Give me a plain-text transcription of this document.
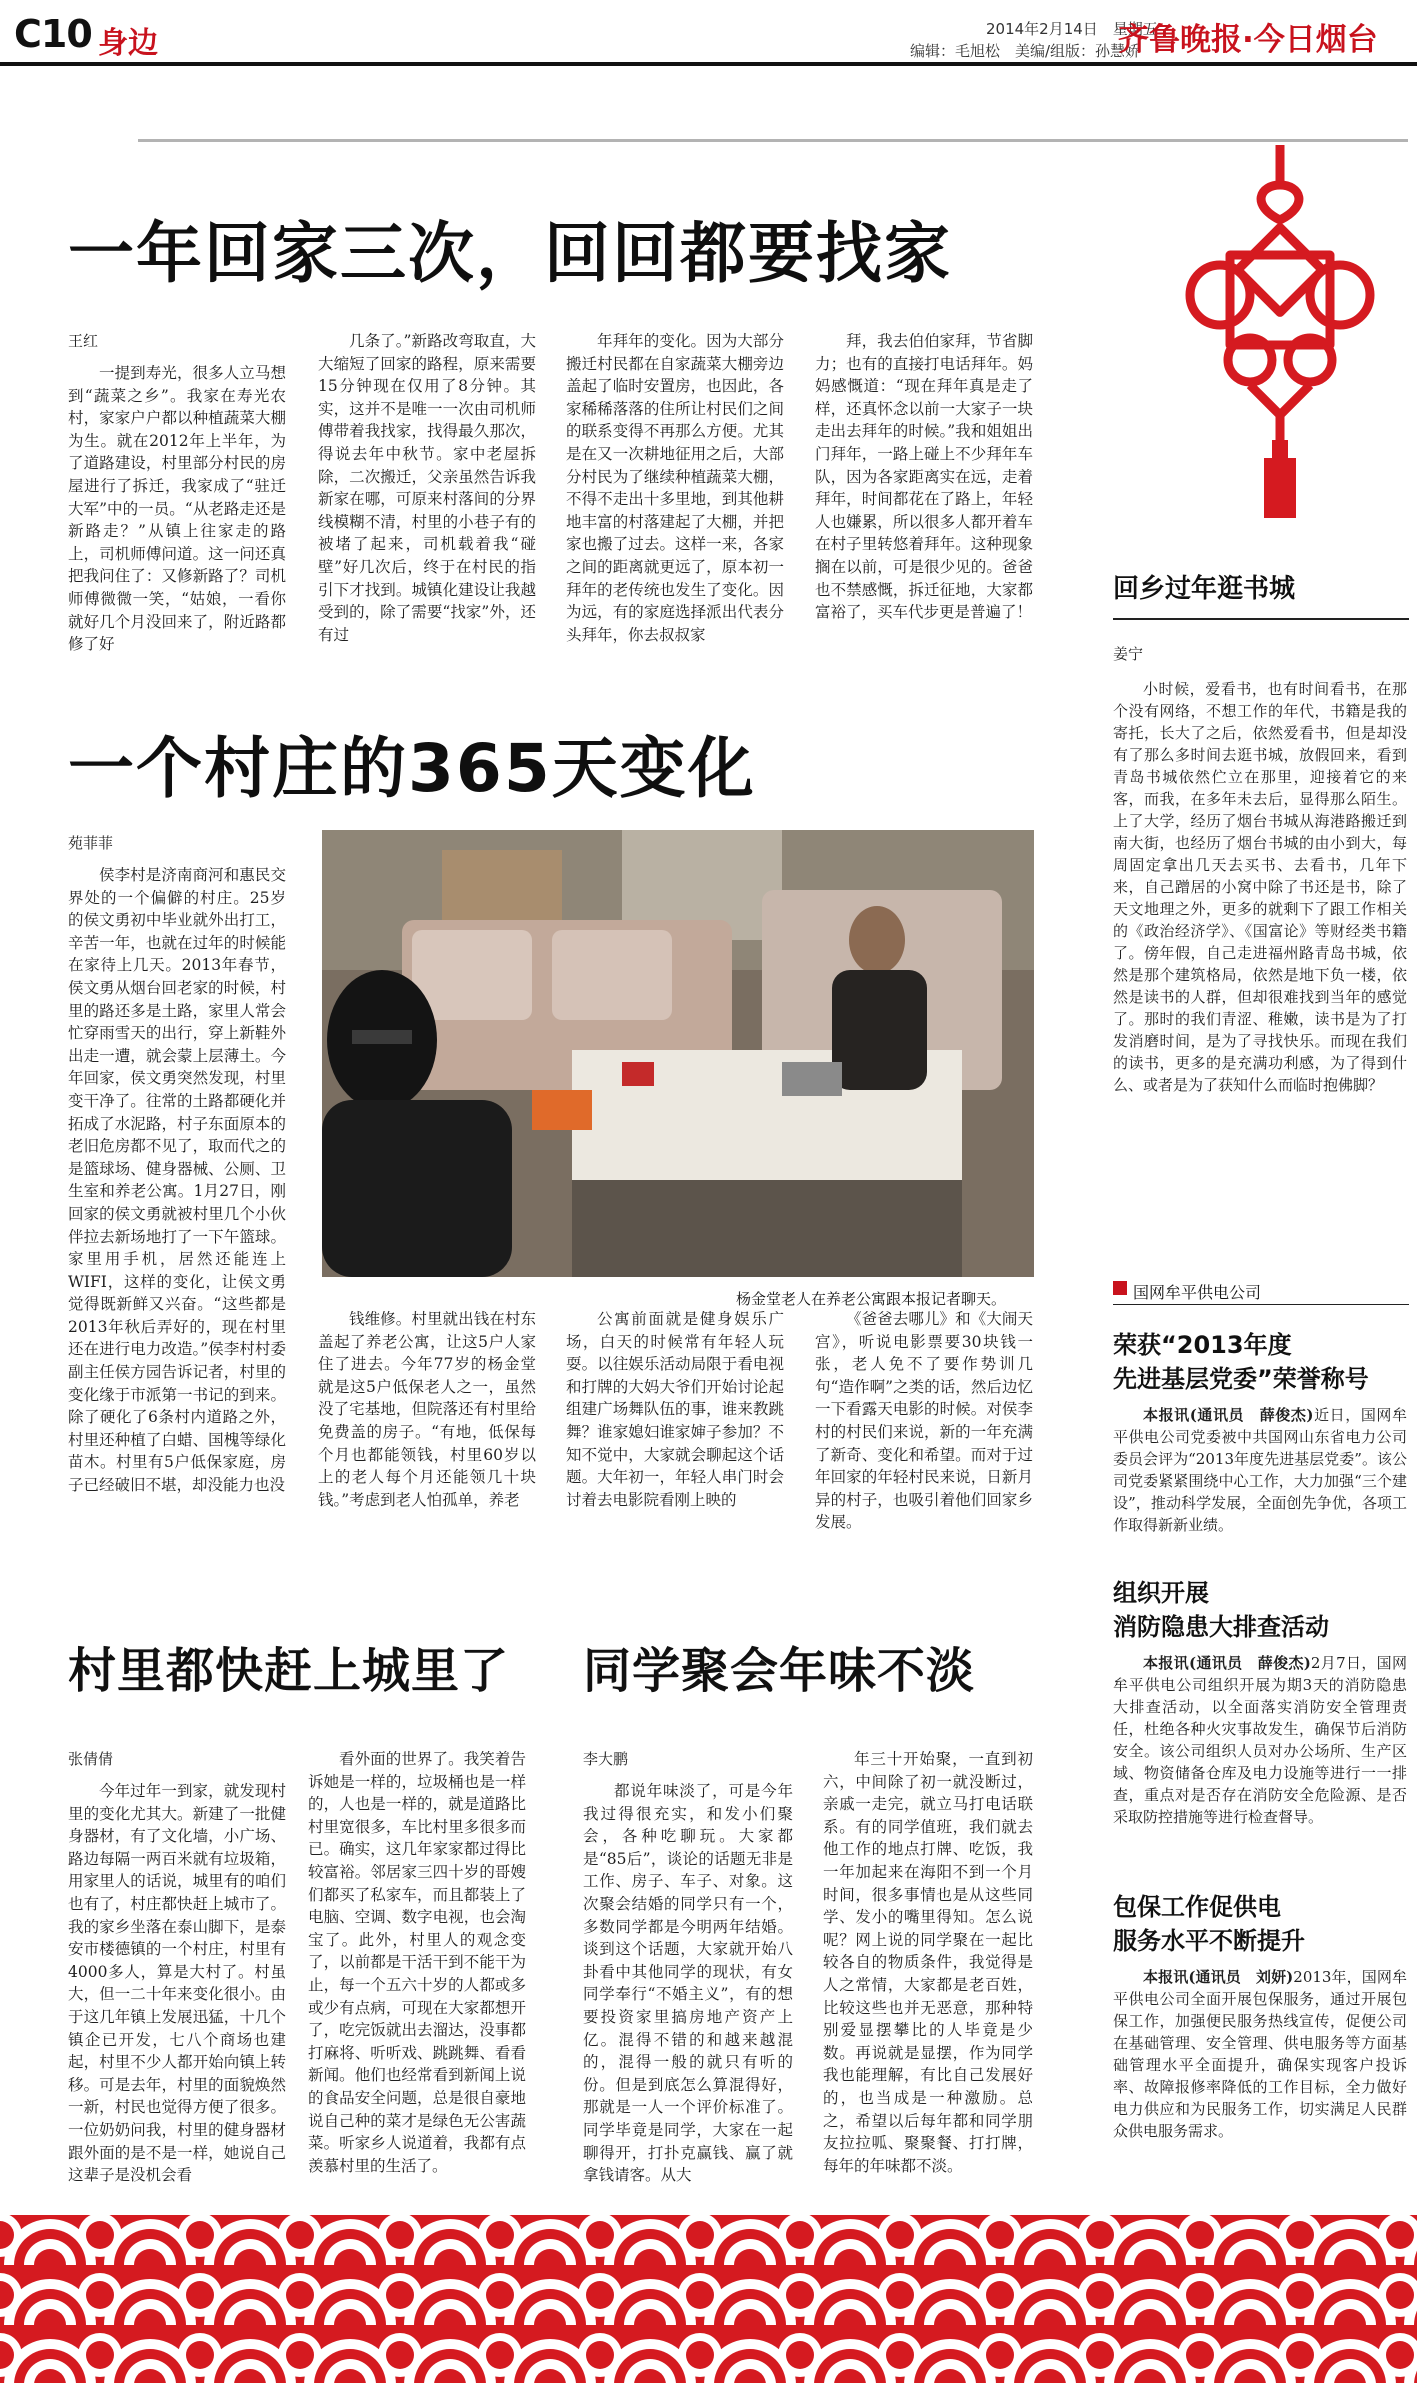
C10 身边	2014年2月14日　星期五
编辑：毛旭松　美编/组版：孙慧娇
齐鲁晚报·今日烟台
一年回家三次，回回都要找家
王红

一提到寿光，很多人立马想到“蔬菜之乡”。我家在寿光农村，家家户户都以种植蔬菜大棚为生。就在2012年上半年，为了道路建设，村里部分村民的房屋进行了拆迁，我家成了“驻迁大军”中的一员。“从老路走还是新路走？”从镇上往家走的路上，司机师傅问道。这一问还真把我问住了：又修新路了？司机师傅微微一笑，“姑娘，一看你就好几个月没回来了，附近路都修了好

几条了。”新路改弯取直，大大缩短了回家的路程，原来需要15分钟现在仅用了8分钟。其实，这并不是唯一一次由司机师傅带着我找家，找得最久那次，得说去年中秋节。家中老屋拆除，二次搬迁，父亲虽然告诉我新家在哪，可原来村落间的分界线模糊不清，村里的小巷子有的被堵了起来，司机载着我“碰壁”好几次后，终于在村民的指引下才找到。城镇化建设让我越受到的，除了需要“找家”外，还有过

年拜年的变化。因为大部分搬迁村民都在自家蔬菜大棚旁边盖起了临时安置房，也因此，各家稀稀落落的住所让村民们之间的联系变得不再那么方便。尤其是在又一次耕地征用之后，大部分村民为了继续种植蔬菜大棚，不得不走出十多里地，到其他耕地丰富的村落建起了大棚，并把家也搬了过去。这样一来，各家之间的距离就更远了，原本初一拜年的老传统也发生了变化。因为远，有的家庭选择派出代表分头拜年，你去叔叔家

拜，我去伯伯家拜，节省脚力；也有的直接打电话拜年。妈妈感慨道：“现在拜年真是走了样，还真怀念以前一大家子一块走出去拜年的时候。”我和姐姐出门拜年，一路上碰上不少拜年车队，因为各家距离实在远，走着拜年，时间都花在了路上，年轻人也嫌累，所以很多人都开着车在村子里转悠着拜年。这种现象搁在以前，可是很少见的。爸爸也不禁感慨，拆迁征地，大家都富裕了，买车代步更是普遍了！

一个村庄的365天变化
苑菲菲

侯李村是济南商河和惠民交界处的一个偏僻的村庄。25岁的侯文勇初中毕业就外出打工，辛苦一年，也就在过年的时候能在家待上几天。2013年春节，侯文勇从烟台回老家的时候，村里的路还多是土路，家里人常会忙穿雨雪天的出行，穿上新鞋外出走一遭，就会蒙上层薄土。今年回家，侯文勇突然发现，村里变干净了。往常的土路都硬化并拓成了水泥路，村子东面原本的老旧危房都不见了，取而代之的是篮球场、健身器械、公厕、卫生室和养老公寓。1月27日，刚回家的侯文勇就被村里几个小伙伴拉去新场地打了一下午篮球。家里用手机，居然还能连上WIFI，这样的变化，让侯文勇觉得既新鲜又兴奋。“这些都是2013年秋后弄好的，现在村里还在进行电力改造。”侯李村村委副主任侯方园告诉记者，村里的变化缘于市派第一书记的到来。除了硬化了6条村内道路之外，村里还种植了白蜡、国槐等绿化苗木。村里有5户低保家庭，房子已经破旧不堪，却没能力也没

杨金堂老人在养老公寓跟本报记者聊天。

钱维修。村里就出钱在村东盖起了养老公寓，让这5户人家住了进去。今年77岁的杨金堂就是这5户低保老人之一，虽然没了宅基地，但院落还有村里给免费盖的房子。“有地，低保每个月也都能领钱，村里60岁以上的老人每个月还能领几十块钱。”考虑到老人怕孤单，养老

公寓前面就是健身娱乐广场，白天的时候常有年轻人玩耍。以往娱乐活动局限于看电视和打牌的大妈大爷们开始讨论起组建广场舞队伍的事，谁来教跳舞？谁家媳妇谁家婶子参加？不知不觉中，大家就会聊起这个话题。大年初一，年轻人串门时会讨着去电影院看刚上映的

《爸爸去哪儿》和《大闹天宫》，听说电影票要30块钱一张，老人免不了要作势训几句“造作啊”之类的话，然后边忆一下看露天电影的时候。对侯李村的村民们来说，新的一年充满了新奇、变化和希望。而对于过年回家的年轻村民来说，日新月异的村子，也吸引着他们回家乡发展。

村里都快赶上城里了
张倩倩

今年过年一到家，就发现村里的变化尤其大。新建了一批健身器材，有了文化墙，小广场、路边每隔一两百米就有垃圾箱，用家里人的话说，城里有的咱们也有了，村庄都快赶上城市了。我的家乡坐落在泰山脚下，是泰安市楼德镇的一个村庄，村里有4000多人，算是大村了。村虽大，但一二十年来变化很小。由于这几年镇上发展迅猛，十几个镇企已开发，七八个商场也建起，村里不少人都开始向镇上转移。可是去年，村里的面貌焕然一新，村民也觉得方便了很多。一位奶奶问我，村里的健身器材跟外面的是不是一样，她说自己这辈子是没机会看

看外面的世界了。我笑着告诉她是一样的，垃圾桶也是一样的，人也是一样的，就是道路比村里宽很多，车比村里多很多而已。确实，这几年家家都过得比较富裕。邻居家三四十岁的哥嫂们都买了私家车，而且都装上了电脑、空调、数字电视，也会淘宝了。此外，村里人的观念变了，以前都是干活干到不能干为止，每一个五六十岁的人都或多或少有点病，可现在大家都想开了，吃完饭就出去溜达，没事都打麻将、听听戏、跳跳舞、看看新闻。他们也经常看到新闻上说的食品安全问题，总是很自豪地说自己种的菜才是绿色无公害蔬菜。听家乡人说道着，我都有点羡慕村里的生活了。

同学聚会年味不淡
李大鹏

都说年味淡了，可是今年我过得很充实，和发小们聚会，各种吃聊玩。大家都是“85后”，谈论的话题无非是工作、房子、车子、对象。这次聚会结婚的同学只有一个，多数同学都是今明两年结婚。谈到这个话题，大家就开始八卦看中其他同学的现状，有女同学奉行“不婚主义”，有的想要投资家里搞房地产资产上亿。混得不错的和越来越混的，混得一般的就只有听的份。但是到底怎么算混得好，那就是一人一个评价标准了。同学毕竟是同学，大家在一起聊得开，打扑克赢钱、赢了就拿钱请客。从大

年三十开始聚，一直到初六，中间除了初一就没断过，亲戚一走完，就立马打电话联系。有的同学值班，我们就去他工作的地点打牌、吃饭，我一年加起来在海阳不到一个月时间，很多事情也是从这些同学、发小的嘴里得知。怎么说呢？网上说的同学聚在一起比较各自的物质条件，我觉得是人之常情，大家都是老百姓，比较这些也并无恶意，那种特别爱显摆攀比的人毕竟是少数。再说就是显摆，作为同学我也能理解，有比自己发展好的，也当成是一种激励。总之，希望以后每年都和同学朋友拉拉呱、聚聚餐、打打牌，每年的年味都不淡。

回乡过年逛书城
姜宁

小时候，爱看书，也有时间看书，在那个没有网络，不想工作的年代，书籍是我的寄托，长大了之后，依然爱看书，但是却没有了那么多时间去逛书城，放假回来，看到青岛书城依然伫立在那里，迎接着它的来客，而我，在多年未去后，显得那么陌生。上了大学，经历了烟台书城从海港路搬迁到南大街，也经历了烟台书城的由小到大，每周固定拿出几天去买书、去看书，几年下来，自己蹭居的小窝中除了书还是书，除了天文地理之外，更多的就剩下了跟工作相关的《政治经济学》、《国富论》等财经类书籍了。傍年假，自己走进福州路青岛书城，依然是那个建筑格局，依然是地下负一楼，依然是读书的人群，但却很难找到当年的感觉了。那时的我们青涩、稚嫩，读书是为了打发消磨时间，是为了寻找快乐。而现在我们的读书，更多的是充满功利感，为了得到什么、或者是为了获知什么而临时抱佛脚？

国网牟平供电公司
荣获“2013年度
先进基层党委”荣誉称号

本报讯(通讯员　薛俊杰)近日，国网牟平供电公司党委被中共国网山东省电力公司委员会评为“2013年度先进基层党委”。该公司党委紧紧围绕中心工作，大力加强“三个建设”，推动科学发展，全面创先争优，各项工作取得新新业绩。

组织开展
消防隐患大排查活动

本报讯(通讯员　薛俊杰)2月7日，国网牟平供电公司组织开展为期3天的消防隐患大排查活动，以全面落实消防安全管理责任，杜绝各种火灾事故发生，确保节后消防安全。该公司组织人员对办公场所、生产区域、物资储备仓库及电力设施等进行一一排查，重点对是否存在消防安全危险源、是否采取防控措施等进行检查督导。

包保工作促供电
服务水平不断提升

本报讯(通讯员　刘妍)2013年，国网牟平供电公司全面开展包保服务，通过开展包保工作，加强便民服务热线宣传，促便公司在基础管理、安全管理、供电服务等方面基础管理水平全面提升，确保实现客户投诉率、故障报修率降低的工作目标，全力做好电力供应和为民服务工作，切实满足人民群众供电服务需求。
